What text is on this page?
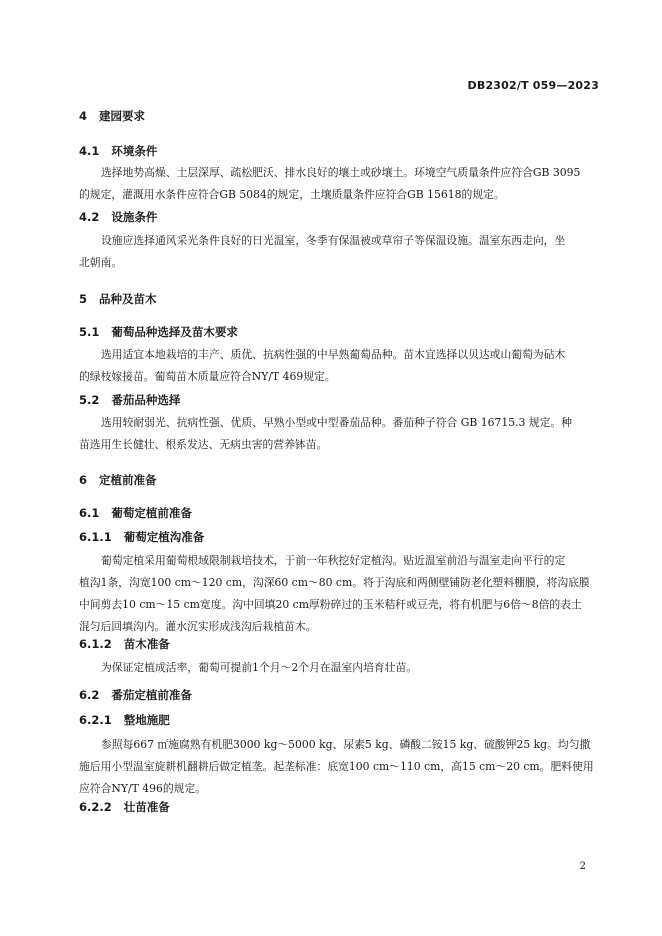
DB2302/T 059—2023
4 建园要求
4.1 环境条件

选择地势高燥、土层深厚、疏松肥沃、排水良好的壤土或砂壤土。环境空气质量条件应符合GB 3095
的规定，灌溉用水条件应符合GB 5084的规定，土壤质量条件应符合GB 15618的规定。

4.2 设施条件

设施应选择通风采光条件良好的日光温室，冬季有保温被或草帘子等保温设施。温室东西走向，坐
北朝南。

5 品种及苗木
5.1 葡萄品种选择及苗木要求

选用适宜本地栽培的丰产、质优、抗病性强的中早熟葡萄品种。苗木宜选择以贝达或山葡萄为砧木
的绿枝嫁接苗。葡萄苗木质量应符合NY/T 469规定。

5.2 番茄品种选择

选用较耐弱光、抗病性强、优质、早熟小型或中型番茄品种。番茄种子符合 GB 16715.3 规定。种
苗选用生长健壮、根系发达、无病虫害的营养钵苗。

6 定植前准备
6.1 葡萄定植前准备
6.1.1 葡萄定植沟准备

葡萄定植采用葡萄根域限制栽培技术，于前一年秋挖好定植沟。贴近温室前沿与温室走向平行的定
植沟1条，沟宽100 cm～120 cm，沟深60 cm～80 cm。将于沟底和两侧壁铺防老化塑料棚膜，将沟底膜
中间剪去10 cm～15 cm宽度。沟中回填20 cm厚粉碎过的玉米秸秆或豆壳，将有机肥与6倍～8倍的表土
混匀后回填沟内。灌水沉实形成浅沟后栽植苗木。

6.1.2 苗木准备

为保证定植成活率，葡萄可提前1个月～2个月在温室内培育壮苗。

6.2 番茄定植前准备
6.2.1 整地施肥

参照每667 ㎡施腐熟有机肥3000 kg～5000 kg、尿素5 kg、磷酸二铵15 kg、硫酸钾25 kg。均匀撒
施后用小型温室旋耕机翻耕后做定植垄。起垄标准：底宽100 cm～110 cm，高15 cm～20 cm。肥料使用
应符合NY/T 496的规定。

6.2.2 壮苗准备
2
